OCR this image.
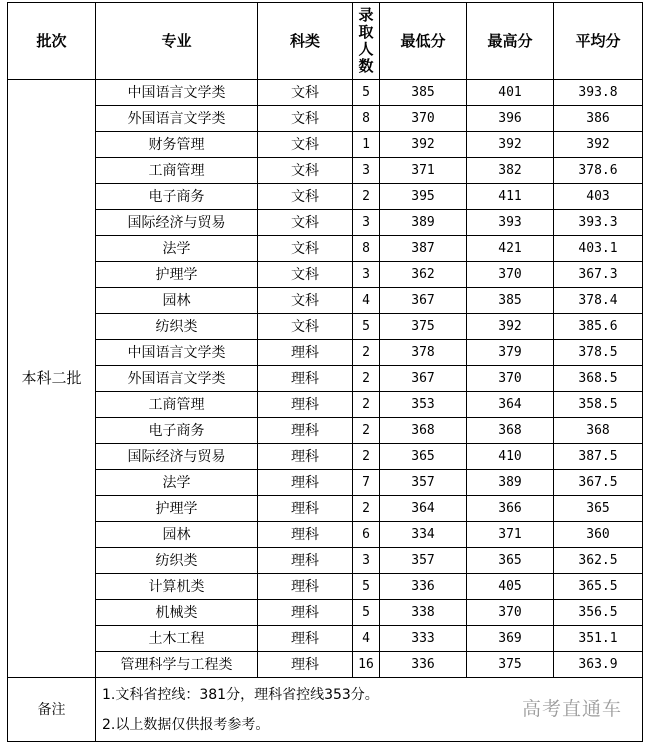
批次	专业	科类	录取人数	最低分	最高分	平均分
本科二批	中国语言文学类	文科	5	385	401	393.8
	外国语言文学类	文科	8	370	396	386
	财务管理	文科	1	392	392	392
	工商管理	文科	3	371	382	378.6
	电子商务	文科	2	395	411	403
	国际经济与贸易	文科	3	389	393	393.3
	法学	文科	8	387	421	403.1
	护理学	文科	3	362	370	367.3
	园林	文科	4	367	385	378.4
	纺织类	文科	5	375	392	385.6
	中国语言文学类	理科	2	378	379	378.5
	外国语言文学类	理科	2	367	370	368.5
	工商管理	理科	2	353	364	358.5
	电子商务	理科	2	368	368	368
	国际经济与贸易	理科	2	365	410	387.5
	法学	理科	7	357	389	367.5
	护理学	理科	2	364	366	365
	园林	理科	6	334	371	360
	纺织类	理科	3	357	365	362.5
	计算机类	理科	5	336	405	365.5
	机械类	理科	5	338	370	356.5
	土木工程	理科	4	333	369	351.1
	管理科学与工程类	理科	16	336	375	363.9
备注	1.文科省控线：381分，理科省控线353分。
2.以上数据仅供报考参考。					
高考直通车
